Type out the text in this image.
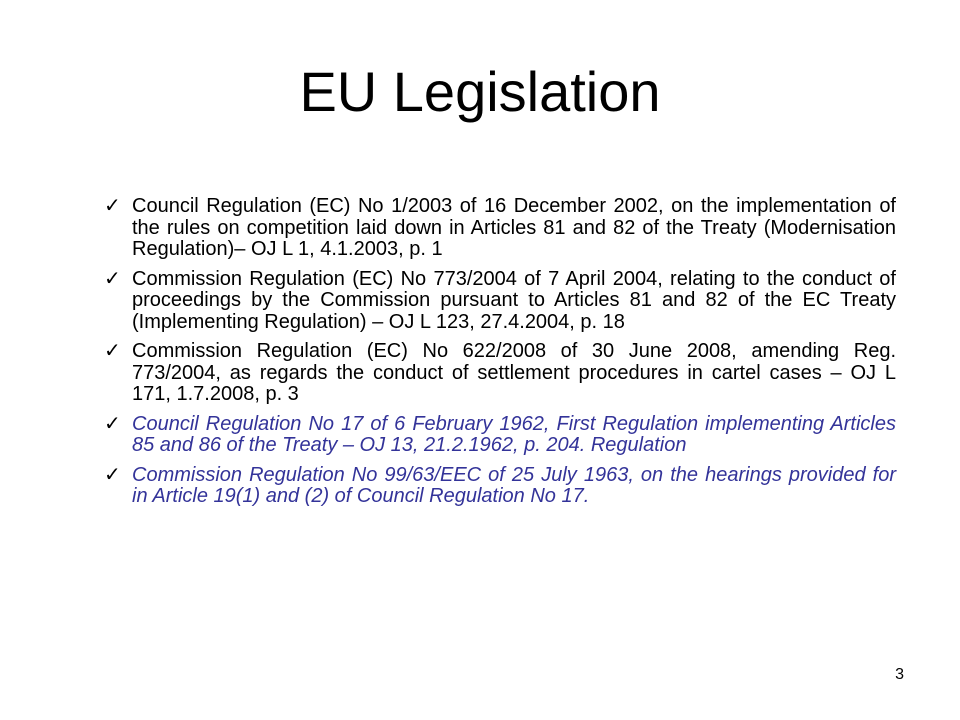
EU Legislation
✓ Council Regulation (EC) No 1/2003 of 16 December 2002, on the implementation of the rules on competition laid down in Articles 81 and 82 of the Treaty (Modernisation Regulation)– OJ L 1, 4.1.2003, p. 1
✓ Commission Regulation (EC) No 773/2004 of 7 April 2004, relating to the conduct of proceedings by the Commission pursuant to Articles 81 and 82 of the EC Treaty (Implementing Regulation) – OJ L 123, 27.4.2004, p. 18
✓ Commission Regulation (EC) No 622/2008 of 30 June 2008, amending Reg. 773/2004, as regards the conduct of settlement procedures in cartel cases – OJ L 171, 1.7.2008, p. 3
✓ Council Regulation No 17 of 6 February 1962, First Regulation implementing Articles 85 and 86 of the Treaty – OJ 13, 21.2.1962, p. 204. Regulation
✓ Commission Regulation No 99/63/EEC of 25 July 1963, on the hearings provided for in Article 19(1) and (2) of Council Regulation No 17.
3
